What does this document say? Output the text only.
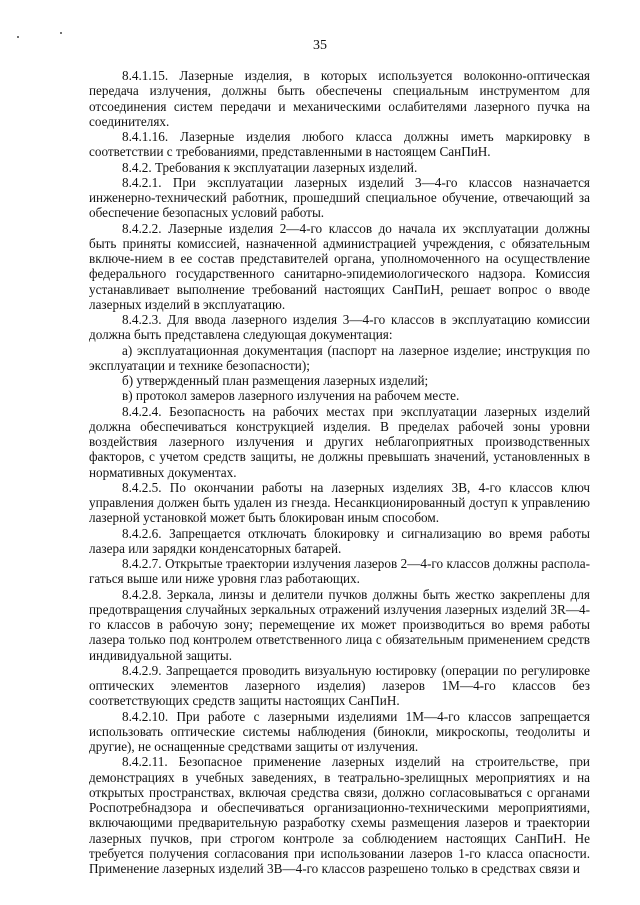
35

8.4.1.15. Лазерные изделия, в которых используется волоконно-оптическая передача излучения, должны быть обеспечены специальным инструментом для отсоединения систем передачи и механическими ослабителями лазерного пучка на соединителях.

8.4.1.16. Лазерные изделия любого класса должны иметь маркировку в соответствии с требованиями, представленными в настоящем СанПиН.

8.4.2. Требования к эксплуатации лазерных изделий.

8.4.2.1. При эксплуатации лазерных изделий 3—4-го классов назначается инженерно-технический работник, прошедший специальное обучение, отвечающий за обеспечение безопасных условий работы.

8.4.2.2. Лазерные изделия 2—4-го классов до начала их эксплуатации должны быть приняты комиссией, назначенной администрацией учреждения, с обязательным включе-нием в ее состав представителей органа, уполномоченного на осуществление федерального государственного санитарно-эпидемиологического надзора. Комиссия устанавливает выполнение требований настоящих СанПиН, решает вопрос о вводе лазерных изделий в эксплуатацию.

8.4.2.3. Для ввода лазерного изделия 3—4-го классов в эксплуатацию комиссии должна быть представлена следующая документация:

а) эксплуатационная документация (паспорт на лазерное изделие; инструкция по эксплуатации и технике безопасности);

б) утвержденный план размещения лазерных изделий;

в) протокол замеров лазерного излучения на рабочем месте.

8.4.2.4. Безопасность на рабочих местах при эксплуатации лазерных изделий должна обеспечиваться конструкцией изделия. В пределах рабочей зоны уровни воздействия лазерного излучения и других неблагоприятных производственных факторов, с учетом средств защиты, не должны превышать значений, установленных в нормативных документах.

8.4.2.5. По окончании работы на лазерных изделиях 3В, 4-го классов ключ управления должен быть удален из гнезда. Несанкционированный доступ к управлению лазерной установкой может быть блокирован иным способом.

8.4.2.6. Запрещается отключать блокировку и сигнализацию во время работы лазера или зарядки конденсаторных батарей.

8.4.2.7. Открытые траектории излучения лазеров 2—4-го классов должны распола-гаться выше или ниже уровня глаз работающих.

8.4.2.8. Зеркала, линзы и делители пучков должны быть жестко закреплены для предотвращения случайных зеркальных отражений излучения лазерных изделий 3R—4-го классов в рабочую зону; перемещение их может производиться во время работы лазера только под контролем ответственного лица с обязательным применением средств индивидуальной защиты.

8.4.2.9. Запрещается проводить визуальную юстировку (операции по регулировке оптических элементов лазерного изделия) лазеров 1М—4-го классов без соответствующих средств защиты настоящих СанПиН.

8.4.2.10. При работе с лазерными изделиями 1М—4-го классов запрещается использовать оптические системы наблюдения (бинокли, микроскопы, теодолиты и другие), не оснащенные средствами защиты от излучения.

8.4.2.11. Безопасное применение лазерных изделий на строительстве, при демонстрациях в учебных заведениях, в театрально-зрелищных мероприятиях и на открытых пространствах, включая средства связи, должно согласовываться с органами Роспотребнадзора и обеспечиваться организационно-техническими мероприятиями, включающими предварительную разработку схемы размещения лазеров и траектории лазерных пучков, при строгом контроле за соблюдением настоящих СанПиН. Не требуется получения согласования при использовании лазеров 1-го класса опасности. Применение лазерных изделий 3В—4-го классов разрешено только в средствах связи и
